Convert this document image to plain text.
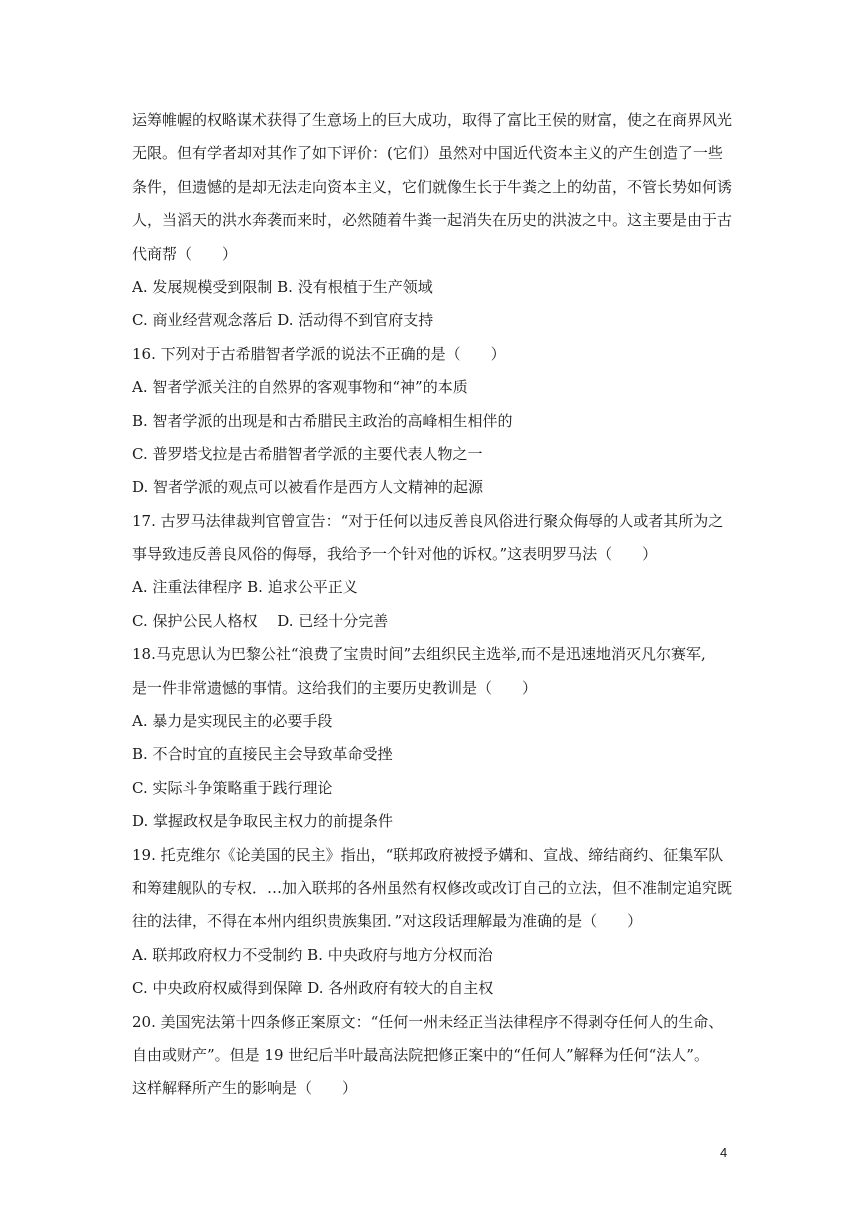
运筹帷幄的权略谋术获得了生意场上的巨大成功，取得了富比王侯的财富，使之在商界风光
无限。但有学者却对其作了如下评价：(它们）虽然对中国近代资本主义的产生创造了一些
条件，但遗憾的是却无法走向资本主义，它们就像生长于牛粪之上的幼苗，不管长势如何诱
人，当滔天的洪水奔袭而来时，必然随着牛粪一起消失在历史的洪波之中。这主要是由于古
代商帮（　　）
A. 发展规模受到限制 B. 没有根植于生产领域
C. 商业经营观念落后 D. 活动得不到官府支持
16. 下列对于古希腊智者学派的说法不正确的是（　　）
A. 智者学派关注的自然界的客观事物和“神”的本质
B. 智者学派的出现是和古希腊民主政治的高峰相生相伴的
C. 普罗塔戈拉是古希腊智者学派的主要代表人物之一
D. 智者学派的观点可以被看作是西方人文精神的起源
17. 古罗马法律裁判官曾宣告：“对于任何以违反善良风俗进行聚众侮辱的人或者其所为之
事导致违反善良风俗的侮辱，我给予一个针对他的诉权。”这表明罗马法（　　）
A. 注重法律程序 B. 追求公平正义
C. 保护公民人格权　 D. 已经十分完善
18.马克思认为巴黎公社“浪费了宝贵时间”去组织民主选举,而不是迅速地消灭凡尔赛军,
是一件非常遗憾的事情。这给我们的主要历史教训是（　　）
A. 暴力是实现民主的必要手段
B. 不合时宜的直接民主会导致革命受挫
C. 实际斗争策略重于践行理论
D. 掌握政权是争取民主权力的前提条件
19. 托克维尔《论美国的民主》指出，“联邦政府被授予媾和、宣战、缔结商约、征集军队
和筹建舰队的专权．…加入联邦的各州虽然有权修改或改订自己的立法，但不准制定追究既
往的法律，不得在本州内组织贵族集团．”对这段话理解最为准确的是（　　）
A. 联邦政府权力不受制约 B. 中央政府与地方分权而治
C. 中央政府权威得到保障 D. 各州政府有较大的自主权
20. 美国宪法第十四条修正案原文：“任何一州未经正当法律程序不得剥夺任何人的生命、
自由或财产”。但是 19 世纪后半叶最高法院把修正案中的“任何人”解释为任何“法人”。
这样解释所产生的影响是（　　）
4
